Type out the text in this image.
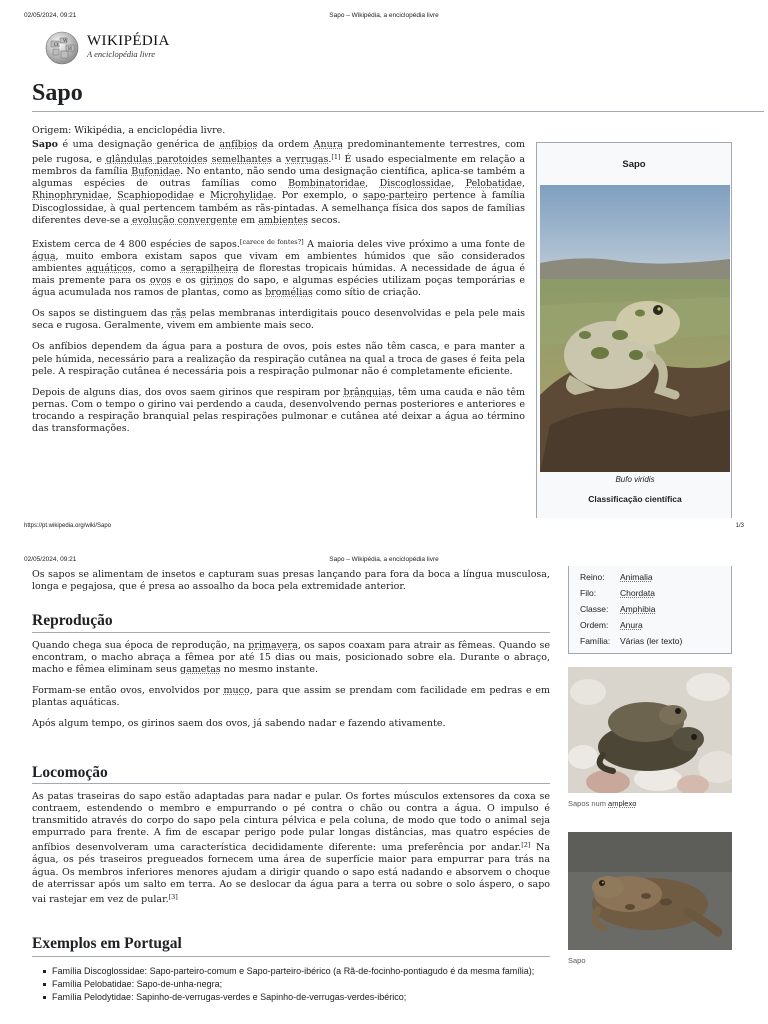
02/05/2024, 09:21	Sapo – Wikipédia, a enciclopédia livre
Ω
W
И
WIKIPÉDIA
A enciclopédia livre
Sapo

Origem: Wikipédia, a enciclopédia livre.

Sapo é uma designação genérica de anfíbios da ordem Anura predominantemente terrestres, com pele rugosa, e glândulas parotoides semelhantes a verrugas.[1] É usado especialmente em relação a membros da família Bufonidae. No entanto, não sendo uma designação científica, aplica-se também a algumas espécies de outras famílias como Bombinatoridae, Discoglossidae, Pelobatidae, Rhinophrynidae, Scaphiopodidae e Microhylidae. Por exemplo, o sapo-parteiro pertence à família Discoglossidae, à qual pertencem também as rãs-pintadas. A semelhança física dos sapos de famílias diferentes deve-se a evolução convergente em ambientes secos.

Existem cerca de 4 800 espécies de sapos.[carece de fontes?] A maioria deles vive próximo a uma fonte de água, muito embora existam sapos que vivam em ambientes húmidos que são considerados ambientes aquáticos, como a serapilheira de florestas tropicais húmidas. A necessidade de água é mais premente para os ovos e os girinos do sapo, e algumas espécies utilizam poças temporárias e água acumulada nos ramos de plantas, como as bromélias como sítio de criação.

Os sapos se distinguem das rãs pelas membranas interdigitais pouco desenvolvidas e pela pele mais seca e rugosa. Geralmente, vivem em ambiente mais seco.

Os anfíbios dependem da água para a postura de ovos, pois estes não têm casca, e para manter a pele húmida, necessário para a realização da respiração cutânea na qual a troca de gases é feita pela pele. A respiração cutânea é necessária pois a respiração pulmonar não é completamente eficiente.

Depois de alguns dias, dos ovos saem girinos que respiram por brânquias, têm uma cauda e não têm pernas. Com o tempo o girino vai perdendo a cauda, desenvolvendo pernas posteriores e anteriores e trocando a respiração branquial pelas respirações pulmonar e cutânea até deixar a água ao término das transformações.

Sapo
Bufo viridis
Classificação científica
https://pt.wikipedia.org/wiki/Sapo	1/3
02/05/2024, 09:21	Sapo – Wikipédia, a enciclopédia livre
Reino: Animalia
Filo:	Chordata
Classe: Amphibia
Ordem: Anura
Família: Várias (ler texto)

Os sapos se alimentam de insetos e capturam suas presas lançando para fora da boca a língua musculosa, longa e pegajosa, que é presa ao assoalho da boca pela extremidade anterior.

Reprodução

Quando chega sua época de reprodução, na primavera, os sapos coaxam para atrair as fêmeas. Quando se encontram, o macho abraça a fêmea por até 15 dias ou mais, posicionado sobre ela. Durante o abraço, macho e fêmea eliminam seus gametas no mesmo instante.

Formam-se então ovos, envolvidos por muco, para que assim se prendam com facilidade em pedras e em plantas aquáticas.

Após algum tempo, os girinos saem dos ovos, já sabendo nadar e fazendo ativamente.

Locomoção

As patas traseiras do sapo estão adaptadas para nadar e pular. Os fortes músculos extensores da coxa se contraem, estendendo o membro e empurrando o pé contra o chão ou contra a água. O impulso é transmitido através do corpo do sapo pela cintura pélvica e pela coluna, de modo que todo o animal seja empurrado para frente. A fim de escapar perigo pode pular longas distâncias, mas quatro espécies de anfíbios desenvolveram uma característica decididamente diferente: uma preferência por andar.[2] Na água, os pés traseiros pregueados fornecem uma área de superfície maior para empurrar para trás na água. Os membros inferiores menores ajudam a dirigir quando o sapo está nadando e absorvem o choque de aterrissar após um salto em terra. Ao se deslocar da água para a terra ou sobre o solo áspero, o sapo vai rastejar em vez de pular.[3]

Exemplos em Portugal
Família Discoglossidae: Sapo-parteiro-comum e Sapo-parteiro-ibérico (a Rã-de-focinho-pontiagudo é da mesma família);
Família Pelobatidae: Sapo-de-unha-negra;
Família Pelodytidae: Sapinho-de-verrugas-verdes e Sapinho-de-verrugas-verdes-ibérico;
Sapos num amplexo
Sapo
